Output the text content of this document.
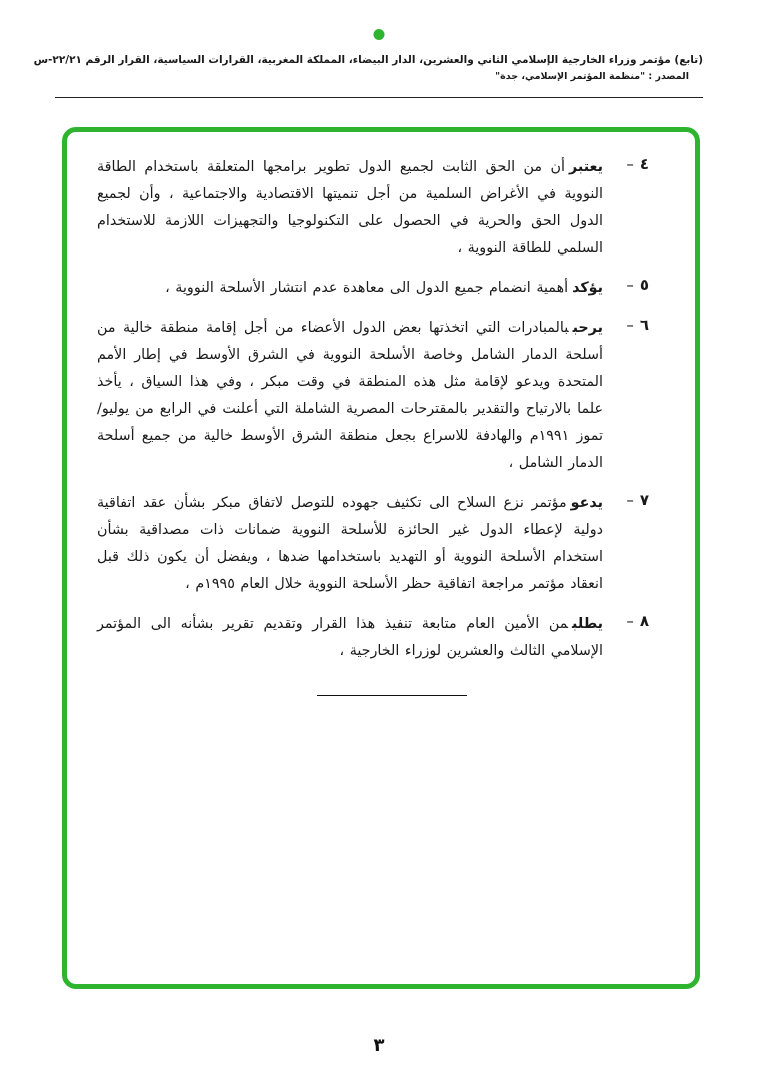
(تابع) مؤتمر وزراء الخارجية الإسلامي الثاني والعشرين، الدار البيضاء، المملكة المغربية، القرارات السياسية، القرار الرقم ٢٢/٢١-س
المصدر : "منظمة المؤتمر الإسلامي، جدة"
٤–
يعتبرأن من الحق الثابت لجميع الدول تطوير برامجها المتعلقة باستخدام الطاقة النووية في الأغراض السلمية من أجل تنميتها الاقتصادية والاجتماعية ، وأن لجميع الدول الحق والحرية في الحصول على التكنولوجيا والتجهيزات اللازمة للاستخدام السلمي للطاقة النووية ،
٥–
يؤكدأهمية انضمام جميع الدول الى معاهدة عدم انتشار الأسلحة النووية ،
٦–
يرحببالمبادرات التي اتخذتها بعض الدول الأعضاء من أجل إقامة منطقة خالية من أسلحة الدمار الشامل وخاصة الأسلحة النووية في الشرق الأوسط في إطار الأمم المتحدة ويدعو لإقامة مثل هذه المنطقة في وقت مبكر ، وفي هذا السياق ، يأخذ علما بالارتياح والتقدير بالمقترحات المصرية الشاملة التي أعلنت في الرابع من يوليو/ تموز ١٩٩١م والهادفة للاسراع بجعل منطقة الشرق الأوسط خالية من جميع أسلحة الدمار الشامل ،
٧–
يدعومؤتمر نزع السلاح الى تكثيف جهوده للتوصل لاتفاق مبكر بشأن عقد اتفاقية دولية لإعطاء الدول غير الحائزة للأسلحة النووية ضمانات ذات مصداقية بشأن استخدام الأسلحة النووية أو التهديد باستخدامها ضدها ، ويفضل أن يكون ذلك قبل انعقاد مؤتمر مراجعة اتفاقية حظر الأسلحة النووية خلال العام ١٩٩٥م ،
٨–
يطلبمن الأمين العام متابعة تنفيذ هذا القرار وتقديم تقرير بشأنه الى المؤتمر الإسلامي الثالث والعشرين لوزراء الخارجية ،
٣
